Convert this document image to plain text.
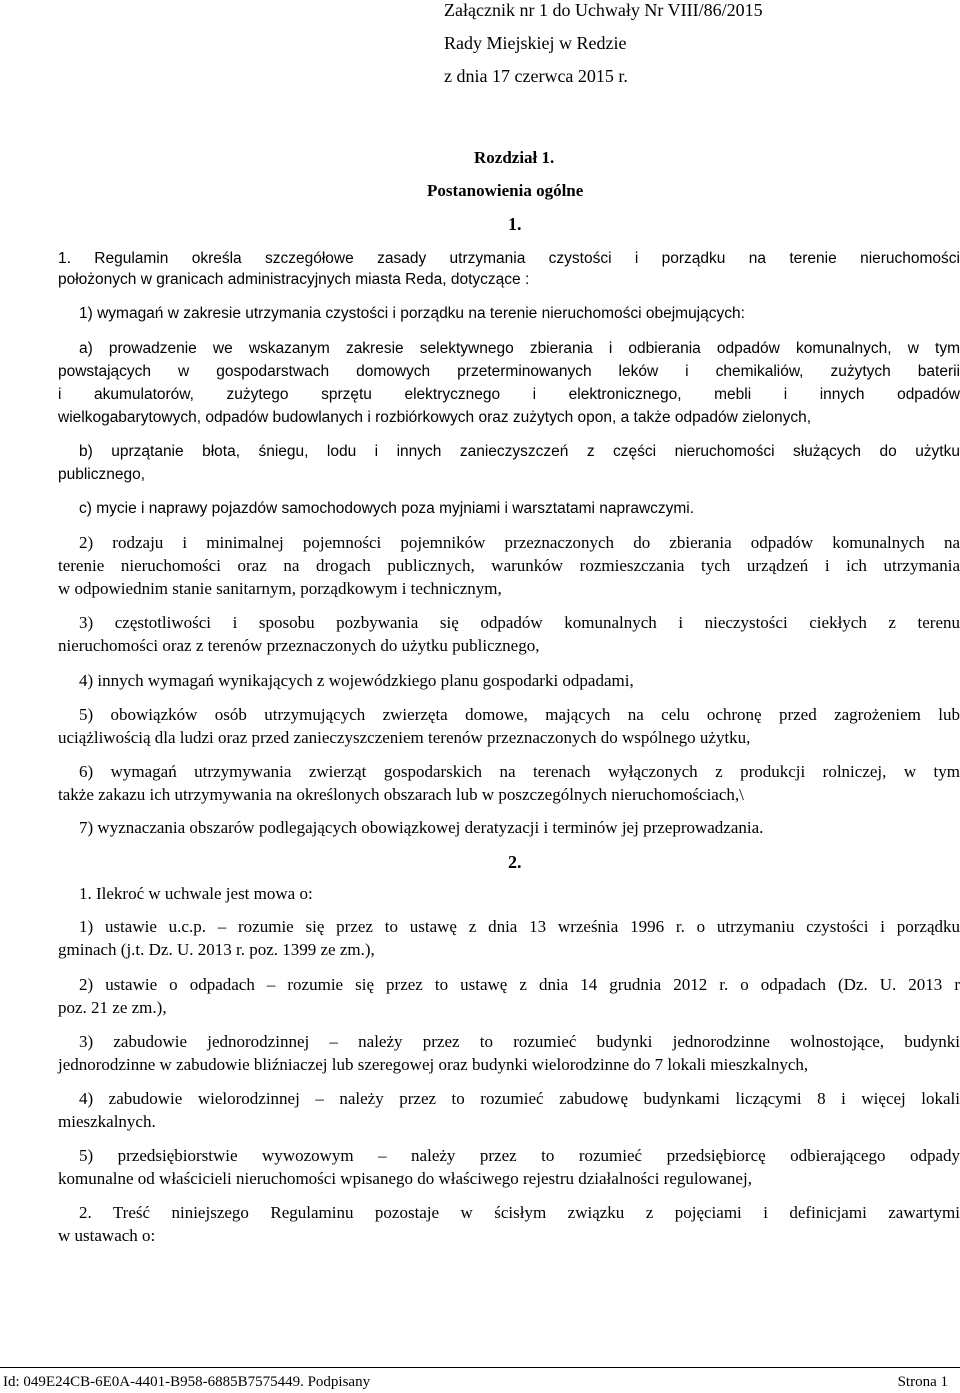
Załącznik nr 1 do Uchwały Nr VIII/86/2015
Rady Miejskiej w Redzie
z dnia 17 czerwca 2015 r.
Rozdział 1.
Postanowienia ogólne
1.
1. Regulamin określa szczegółowe zasady utrzymania czystości i porządku na terenie nieruchomości
położonych w granicach administracyjnych miasta Reda, dotyczące :
1) wymagań w zakresie utrzymania czystości i porządku na terenie nieruchomości obejmujących:
a) prowadzenie we wskazanym zakresie selektywnego zbierania i odbierania odpadów komunalnych, w tym
powstających w gospodarstwach domowych przeterminowanych leków i chemikaliów, zużytych baterii
i akumulatorów, zużytego sprzętu elektrycznego i elektronicznego, mebli i innych odpadów
wielkogabarytowych, odpadów budowlanych i rozbiórkowych oraz zużytych opon, a także odpadów zielonych,
b) uprzątanie błota, śniegu, lodu i innych zanieczyszczeń z części nieruchomości służących do użytku
publicznego,
c) mycie i naprawy pojazdów samochodowych poza myjniami i warsztatami naprawczymi.
2) rodzaju i minimalnej pojemności pojemników przeznaczonych do zbierania odpadów komunalnych na
terenie nieruchomości oraz na drogach publicznych, warunków rozmieszczania tych urządzeń i ich utrzymania
w odpowiednim stanie sanitarnym, porządkowym i technicznym,
3) częstotliwości i sposobu pozbywania się odpadów komunalnych i nieczystości ciekłych z terenu
nieruchomości oraz z terenów przeznaczonych do użytku publicznego,
4) innych wymagań wynikających z wojewódzkiego planu gospodarki odpadami,
5) obowiązków osób utrzymujących zwierzęta domowe, mających na celu ochronę przed zagrożeniem lub
uciążliwością dla ludzi oraz przed zanieczyszczeniem terenów przeznaczonych do wspólnego użytku,
6) wymagań utrzymywania zwierząt gospodarskich na terenach wyłączonych z produkcji rolniczej, w tym
także zakazu ich utrzymywania na określonych obszarach lub w poszczególnych nieruchomościach,\
7) wyznaczania obszarów podlegających obowiązkowej deratyzacji i terminów jej przeprowadzania.
2.
1. Ilekroć w uchwale jest mowa o:
1) ustawie u.c.p. – rozumie się przez to ustawę z dnia 13 września 1996 r. o utrzymaniu czystości i porządku
gminach (j.t. Dz. U. 2013 r. poz. 1399 ze zm.),
2) ustawie o odpadach – rozumie się przez to ustawę z dnia 14 grudnia 2012 r. o odpadach (Dz. U. 2013 r
poz. 21 ze zm.),
3) zabudowie jednorodzinnej – należy przez to rozumieć budynki jednorodzinne wolnostojące, budynki
jednorodzinne w zabudowie bliźniaczej lub szeregowej oraz budynki wielorodzinne do 7 lokali mieszkalnych,
4) zabudowie wielorodzinnej – należy przez to rozumieć zabudowę budynkami liczącymi 8 i więcej lokali
mieszkalnych.
5) przedsiębiorstwie wywozowym – należy przez to rozumieć przedsiębiorcę odbierającego odpady
komunalne od właścicieli nieruchomości wpisanego do właściwego rejestru działalności regulowanej,
2. Treść niniejszego Regulaminu pozostaje w ścisłym związku z pojęciami i definicjami zawartymi
w ustawach o:
Id: 049E24CB-6E0A-4401-B958-6885B7575449. Podpisany	Strona 1
